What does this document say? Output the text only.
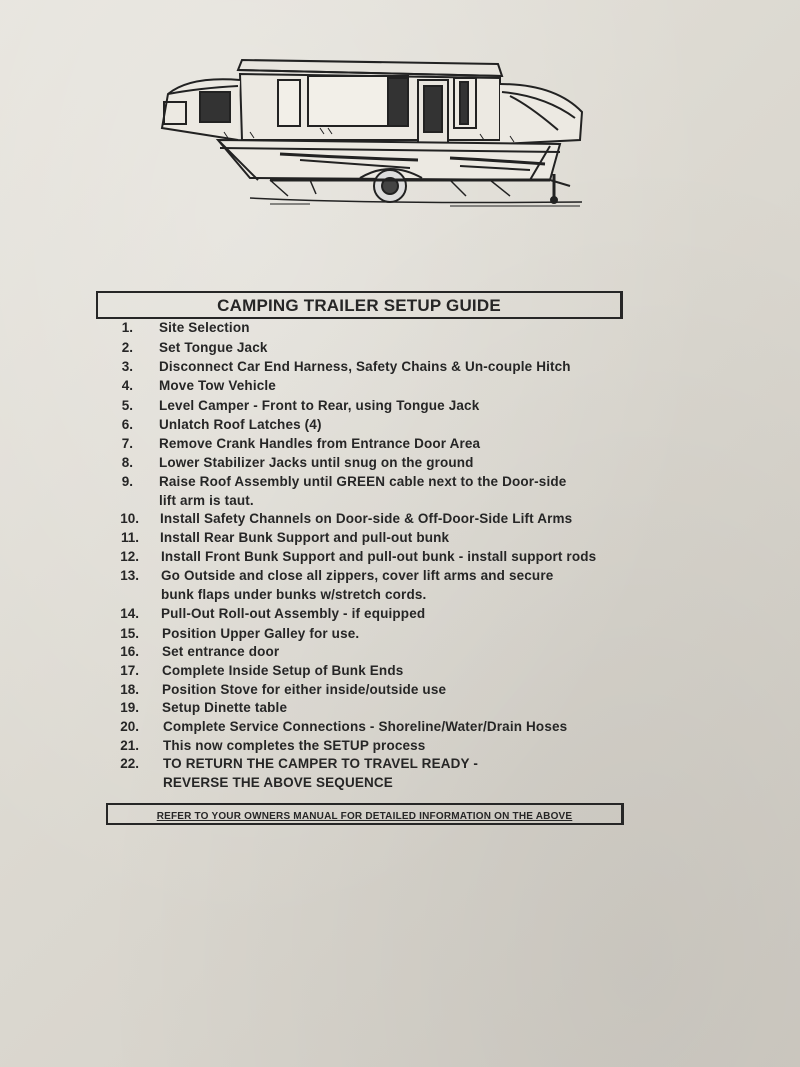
CAMPING TRAILER SETUP GUIDE
1. Site Selection
2. Set Tongue Jack
3. Disconnect Car End Harness, Safety Chains & Un-couple Hitch
4. Move Tow Vehicle
5. Level Camper - Front to Rear, using Tongue Jack
6. Unlatch Roof Latches (4)
7. Remove Crank Handles from Entrance Door Area
8. Lower Stabilizer Jacks until snug on the ground
9. Raise Roof Assembly until GREEN cable next to the Door-side
lift arm is taut.
10. Install Safety Channels on Door-side & Off-Door-Side Lift Arms
11. Install Rear Bunk Support and pull-out bunk
12. Install Front Bunk Support and pull-out bunk - install support rods
13. Go Outside and close all zippers, cover lift arms and secure
bunk flaps under bunks w/stretch cords.
14. Pull-Out Roll-out Assembly - if equipped
15. Position Upper Galley for use.
16. Set entrance door
17. Complete Inside Setup of Bunk Ends
18. Position Stove for either inside/outside use
19. Setup Dinette table
20. Complete Service Connections - Shoreline/Water/Drain Hoses
21. This now completes the SETUP process
22. TO RETURN THE CAMPER TO TRAVEL READY -
REVERSE THE ABOVE SEQUENCE
REFER TO YOUR OWNERS MANUAL FOR DETAILED INFORMATION ON THE ABOVE
